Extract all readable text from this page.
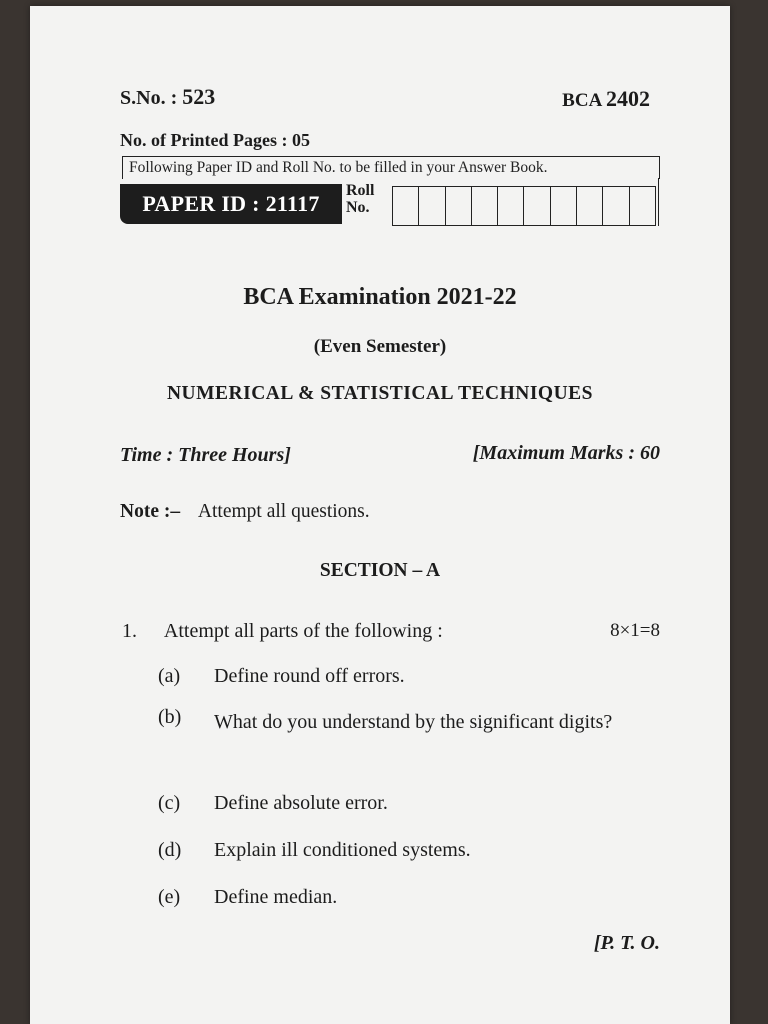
S.No. : 523	BCA 2402
No. of Printed Pages : 05
Following Paper ID and Roll No. to be filled in your Answer Book.
PAPER ID : 21117
Roll
No.
BCA Examination 2021-22
(Even Semester)
NUMERICAL & STATISTICAL TECHNIQUES
Time : Three Hours]	[Maximum Marks : 60
Note :– Attempt all questions.
SECTION – A
1. Attempt all parts of the following :	8×1=8
(a) Define round off errors.
(b)	What do you understand by the significant digits?
(c) Define absolute error.
(d) Explain ill conditioned systems.
(e) Define median.
[P. T. O.
